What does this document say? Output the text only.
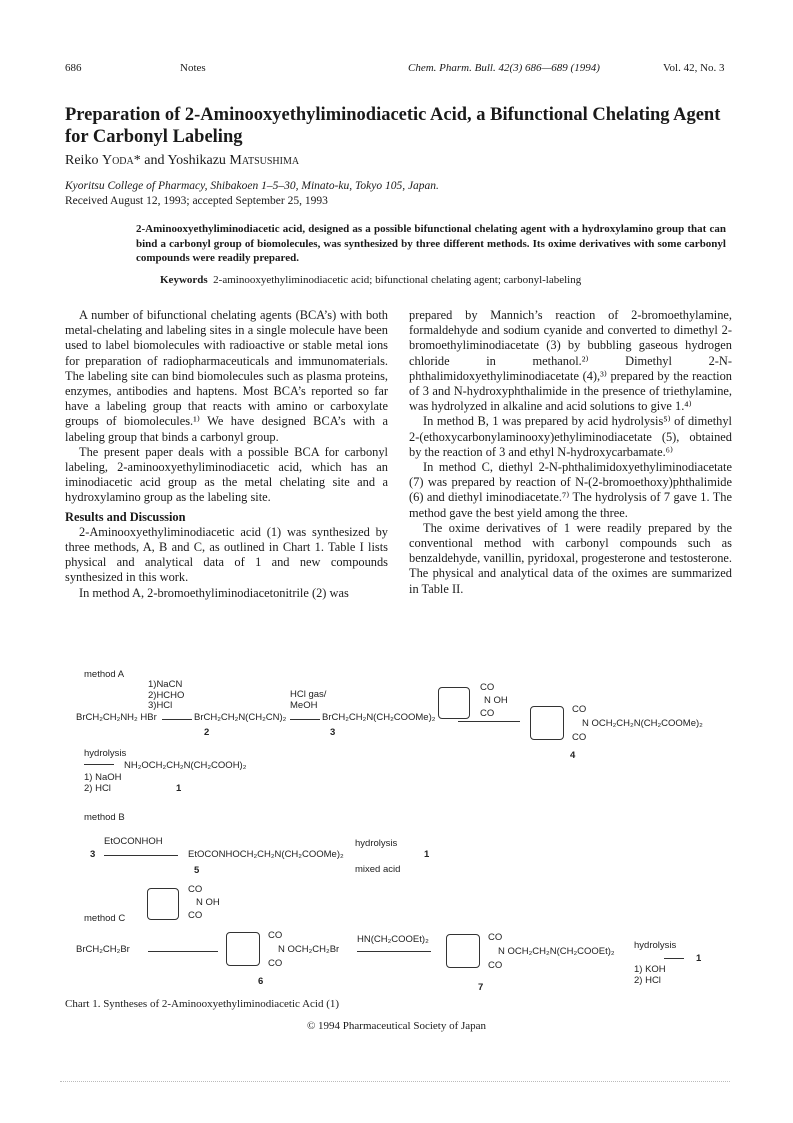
686	Notes	Chem. Pharm. Bull. 42(3) 686—689 (1994)	Vol. 42, No. 3
Preparation of 2-Aminooxyethyliminodiacetic Acid, a Bifunctional Chelating Agent for Carbonyl Labeling
Reiko Yoda* and Yoshikazu Matsushima
Kyoritsu College of Pharmacy, Shibakoen 1–5–30, Minato-ku, Tokyo 105, Japan.
Received August 12, 1993; accepted September 25, 1993
2-Aminooxyethyliminodiacetic acid, designed as a possible bifunctional chelating agent with a hydroxylamino group that can bind a carbonyl group of biomolecules, was synthesized by three different methods. Its oxime derivatives with some carbonyl compounds were readily prepared.
Keywords 2-aminooxyethyliminodiacetic acid; bifunctional chelating agent; carbonyl-labeling

A number of bifunctional chelating agents (BCA’s) with both metal-chelating and labeling sites in a single molecule have been used to label biomolecules with radioactive or stable metal ions for preparation of radiopharmaceuticals and immunomaterials. The labeling site can bind biomolecules such as plasma proteins, enzymes, antibodies and haptens. Most BCA’s reported so far have a labeling group that reacts with amino or carboxylate groups of biomolecules.¹⁾ We have designed BCA’s with a labeling group that binds a carbonyl group.

The present paper deals with a possible BCA for carbonyl labeling, 2-aminooxyethyliminodiacetic acid, which has an iminodiacetic acid group as the metal chelating site and a hydroxylamino group as the labeling site.

Results and Discussion

2-Aminooxyethyliminodiacetic acid (1) was synthesized by three methods, A, B and C, as outlined in Chart 1. Table I lists physical and analytical data of 1 and new compounds synthesized in this work.

In method A, 2-bromoethyliminodiacetonitrile (2) was

prepared by Mannich’s reaction of 2-bromoethylamine, formaldehyde and sodium cyanide and converted to dimethyl 2-bromoethyliminodiacetate (3) by bubbling gaseous hydrogen chloride in methanol.²⁾ Dimethyl 2-N-phthalimidoxyethyliminodiacetate (4),³⁾ prepared by the reaction of 3 and N-hydroxyphthalimide in the presence of triethylamine, was hydrolyzed in alkaline and acid solutions to give 1.⁴⁾

In method B, 1 was prepared by acid hydrolysis⁵⁾ of dimethyl 2-(ethoxycarbonylaminooxy)ethyliminodiacetate (5), obtained by the reaction of 3 and ethyl N-hydroxycarbamate.⁶⁾

In method C, diethyl 2-N-phthalimidoxyethyliminodiacetate (7) was prepared by reaction of N-(2-bromoethoxy)phthalimide (6) and diethyl iminodiacetate.⁷⁾ The hydrolysis of 7 gave 1. The method gave the best yield among the three.

The oxime derivatives of 1 were readily prepared by the conventional method with carbonyl compounds such as benzaldehyde, vanillin, pyridoxal, progesterone and testosterone. The physical and analytical data of the oximes are summarized in Table II.

method A
1)NaCN
2)HCHO
3)HCl
BrCH₂CH₂NH₂ HBr	BrCH₂CH₂N(CH₂CN)₂
2
HCl gas/
MeOH
BrCH₂CH₂N(CH₂COOMe)₂
3
CO
N OH
CO	CO
N OCH₂CH₂N(CH₂COOMe)₂
CO
4
hydrolysis
NH₂OCH₂CH₂N(CH₂COOH)₂
1) NaOH
2) HCl	1
method B
EtOCONHOH
3	EtOCONHOCH₂CH₂N(CH₂COOMe)₂
5
hydrolysis
mixed acid
1
method C
CO
N OH
CO
BrCH₂CH₂Br
CO
N OCH₂CH₂Br
CO
6
HN(CH₂COOEt)₂	CO
N OCH₂CH₂N(CH₂COOEt)₂
CO
7
hydrolysis
1) KOH
2) HCl
1
Chart 1. Syntheses of 2-Aminooxyethyliminodiacetic Acid (1)
© 1994 Pharmaceutical Society of Japan
